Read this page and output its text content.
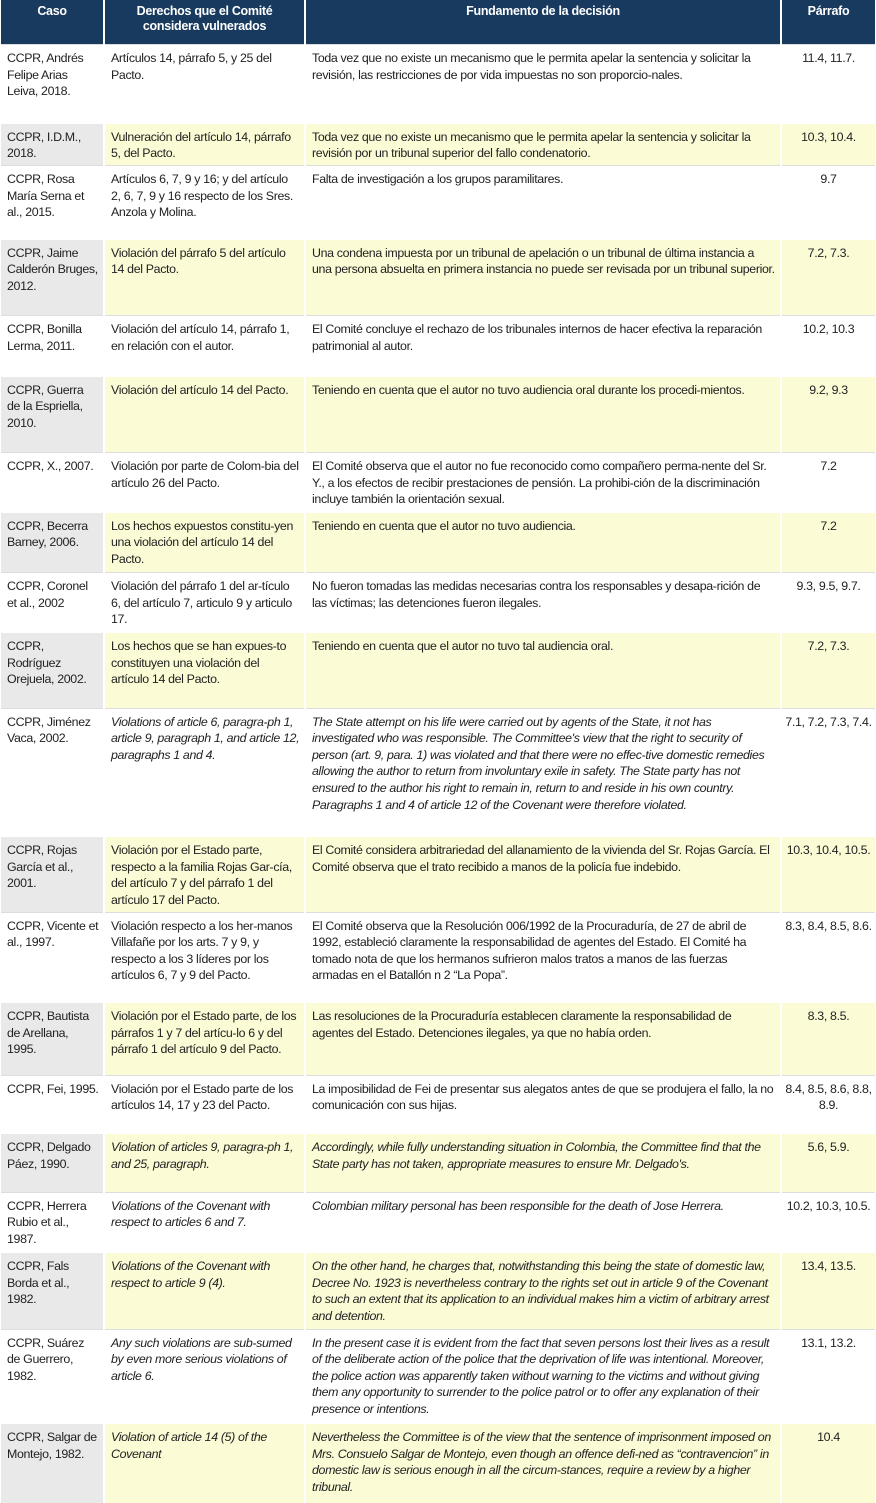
Caso	Derechos que el Comité considera vulnerados	Fundamento de la decisión	Párrafo
CCPR, Andrés Felipe Arias Leiva, 2018.	Artículos 14, párrafo 5, y 25 del Pacto.	Toda vez que no existe un mecanismo que le permita apelar la sentencia y solicitar la revisión, las restricciones de por vida impuestas no son proporcio-nales.	11.4, 11.7.
CCPR, I.D.M., 2018.	Vulneración del artículo 14, párrafo 5, del Pacto.	Toda vez que no existe un mecanismo que le permita apelar la sentencia y solicitar la revisión por un tribunal superior del fallo condenatorio.	10.3, 10.4.
CCPR, Rosa María Serna et al., 2015.	Artículos 6, 7, 9 y 16; y del artículo 2, 6, 7, 9 y 16 respecto de los Sres. Anzola y Molina.	Falta de investigación a los grupos paramilitares.	9.7
CCPR, Jaime Calderón Bruges, 2012.	Violación del párrafo 5 del artículo 14 del Pacto.	Una condena impuesta por un tribunal de apelación o un tribunal de última instancia a una persona absuelta en primera instancia no puede ser revisada por un tribunal superior.	7.2, 7.3.
CCPR, Bonilla Lerma, 2011.	Violación del artículo 14, párrafo 1, en relación con el autor.	El Comité concluye el rechazo de los tribunales internos de hacer efectiva la reparación patrimonial al autor.	10.2, 10.3
CCPR, Guerra de la Espriella, 2010.	Violación del artículo 14 del Pacto.	Teniendo en cuenta que el autor no tuvo audiencia oral durante los procedi-mientos.	9.2, 9.3
CCPR, X., 2007.	Violación por parte de Colom-bia del artículo 26 del Pacto.	El Comité observa que el autor no fue reconocido como compañero perma-nente del Sr. Y., a los efectos de recibir prestaciones de pensión. La prohibi-ción de la discriminación incluye también la orientación sexual.	7.2
CCPR, Becerra Barney, 2006.	Los hechos expuestos constitu-yen una violación del artículo 14 del Pacto.	Teniendo en cuenta que el autor no tuvo audiencia.	7.2
CCPR, Coronel et al., 2002	Violación del párrafo 1 del ar-tículo 6, del artículo 7, articulo 9 y articulo 17.	No fueron tomadas las medidas necesarias contra los responsables y desapa-rición de las víctimas; las detenciones fueron ilegales.	9.3, 9.5, 9.7.
CCPR, Rodríguez Orejuela, 2002.	Los hechos que se han expues-to constituyen una violación del artículo 14 del Pacto.	Teniendo en cuenta que el autor no tuvo tal audiencia oral.	7.2, 7.3.
CCPR, Jiménez Vaca, 2002.	Violations of article 6, paragra-ph 1, article 9, paragraph 1, and article 12, paragraphs 1 and 4.	The State attempt on his life were carried out by agents of the State, it not has investigated who was responsible. The Committee's view that the right to security of person (art. 9, para. 1) was violated and that there were no effec-tive domestic remedies allowing the author to return from involuntary exile in safety. The State party has not ensured to the author his right to remain in, return to and reside in his own country. Paragraphs 1 and 4 of article 12 of the Covenant were therefore violated.	7.1, 7.2, 7.3, 7.4.
CCPR, Rojas García et al., 2001.	Violación por el Estado parte, respecto a la familia Rojas Gar-cía, del artículo 7 y del párrafo 1 del artículo 17 del Pacto.	El Comité considera arbitrariedad del allanamiento de la vivienda del Sr. Rojas García. El Comité observa que el trato recibido a manos de la policía fue indebido.	10.3, 10.4, 10.5.
CCPR, Vicente et al., 1997.	Violación respecto a los her-manos Villafañe por los arts. 7 y 9, y respecto a los 3 líderes por los artículos 6, 7 y 9 del Pacto.	El Comité observa que la Resolución 006/1992 de la Procuraduría, de 27 de abril de 1992, estableció claramente la responsabilidad de agentes del Estado. El Comité ha tomado nota de que los hermanos sufrieron malos tratos a manos de las fuerzas armadas en el Batallón n 2 “La Popa”.	8.3, 8.4, 8.5, 8.6.
CCPR, Bautista de Arellana, 1995.	Violación por el Estado parte, de los párrafos 1 y 7 del artícu-lo 6 y del párrafo 1 del artículo 9 del Pacto.	Las resoluciones de la Procuraduría establecen claramente la responsabilidad de agentes del Estado. Detenciones ilegales, ya que no había orden.	8.3, 8.5.
CCPR, Fei, 1995.	Violación por el Estado parte de los artículos 14, 17 y 23 del Pacto.	La imposibilidad de Fei de presentar sus alegatos antes de que se produjera el fallo, la no comunicación con sus hijas.	8.4, 8.5, 8.6, 8.8, 8.9.
CCPR, Delgado Páez, 1990.	Violation of articles 9, paragra-ph 1, and 25, paragraph.	Accordingly, while fully understanding situation in Colombia, the Committee find that the State party has not taken, appropriate measures to ensure Mr. Delgado's.	5.6, 5.9.
CCPR, Herrera Rubio et al., 1987.	Violations of the Covenant with respect to articles 6 and 7.	Colombian military personal has been responsible for the death of Jose Herrera.	10.2, 10.3, 10.5.
CCPR, Fals Borda et al., 1982.	Violations of the Covenant with respect to article 9 (4).	On the other hand, he charges that, notwithstanding this being the state of domestic law, Decree No. 1923 is nevertheless contrary to the rights set out in article 9 of the Covenant to such an extent that its application to an individual makes him a victim of arbitrary arrest and detention.	13.4, 13.5.
CCPR, Suárez de Guerrero, 1982.	Any such violations are sub-sumed by even more serious violations of article 6.	In the present case it is evident from the fact that seven persons lost their lives as a result of the deliberate action of the police that the deprivation of life was intentional. Moreover, the police action was apparently taken without warning to the victims and without giving them any opportunity to surrender to the police patrol or to offer any explanation of their presence or intentions.	13.1, 13.2.
CCPR, Salgar de Montejo, 1982.	Violation of article 14 (5) of the Covenant	Nevertheless the Committee is of the view that the sentence of imprisonment imposed on Mrs. Consuelo Salgar de Montejo, even though an offence defi-ned as “contravencion” in domestic law is serious enough in all the circum-stances, require a review by a higher tribunal.	10.4
